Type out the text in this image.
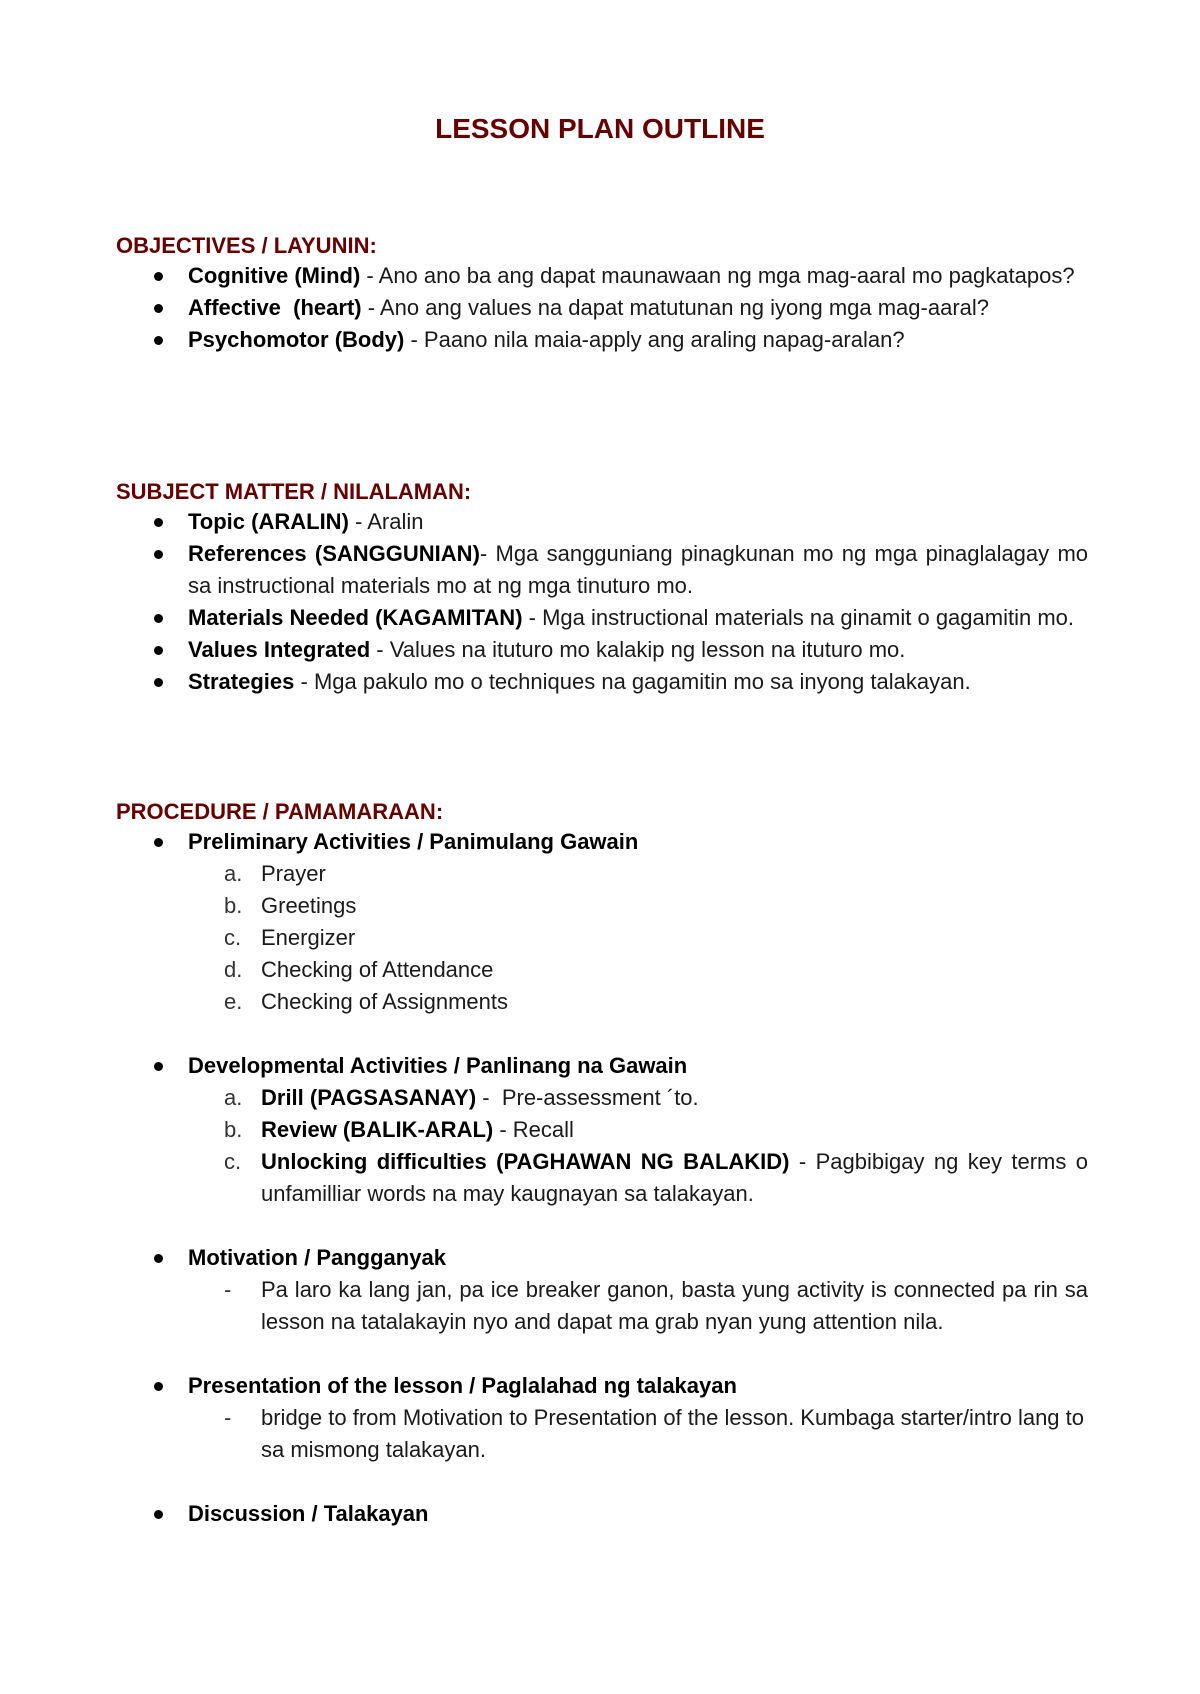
LESSON PLAN OUTLINE
OBJECTIVES / LAYUNIN:
Cognitive (Mind) - Ano ano ba ang dapat maunawaan ng mga mag-aaral mo pagkatapos?
Affective  (heart) - Ano ang values na dapat matutunan ng iyong mga mag-aaral?
Psychomotor (Body) - Paano nila maia-apply ang araling napag-aralan?
SUBJECT MATTER / NILALAMAN:
Topic (ARALIN) - Aralin
References (SANGGUNIAN)- Mga sangguniang pinagkunan mo ng mga pinaglalagay mo sa instructional materials mo at ng mga tinuturo mo.
Materials Needed (KAGAMITAN) - Mga instructional materials na ginamit o gagamitin mo.
Values Integrated - Values na ituturo mo kalakip ng lesson na ituturo mo.
Strategies - Mga pakulo mo o techniques na gagamitin mo sa inyong talakayan.
PROCEDURE / PAMAMARAAN:
Preliminary Activities / Panimulang Gawain
a. Prayer
b. Greetings
c. Energizer
d. Checking of Attendance
e. Checking of Assignments
Developmental Activities / Panlinang na Gawain
a. Drill (PAGSASANAY) -  Pre-assessment ´to.
b. Review (BALIK-ARAL) - Recall
c. Unlocking difficulties (PAGHAWAN NG BALAKID) - Pagbibigay ng key terms o unfamilliar words na may kaugnayan sa talakayan.
Motivation / Pangganyak
- Pa laro ka lang jan, pa ice breaker ganon, basta yung activity is connected pa rin sa lesson na tatalakayin nyo and dapat ma grab nyan yung attention nila.
Presentation of the lesson / Paglalahad ng talakayan
- bridge to from Motivation to Presentation of the lesson. Kumbaga starter/intro lang to sa mismong talakayan.
Discussion / Talakayan
